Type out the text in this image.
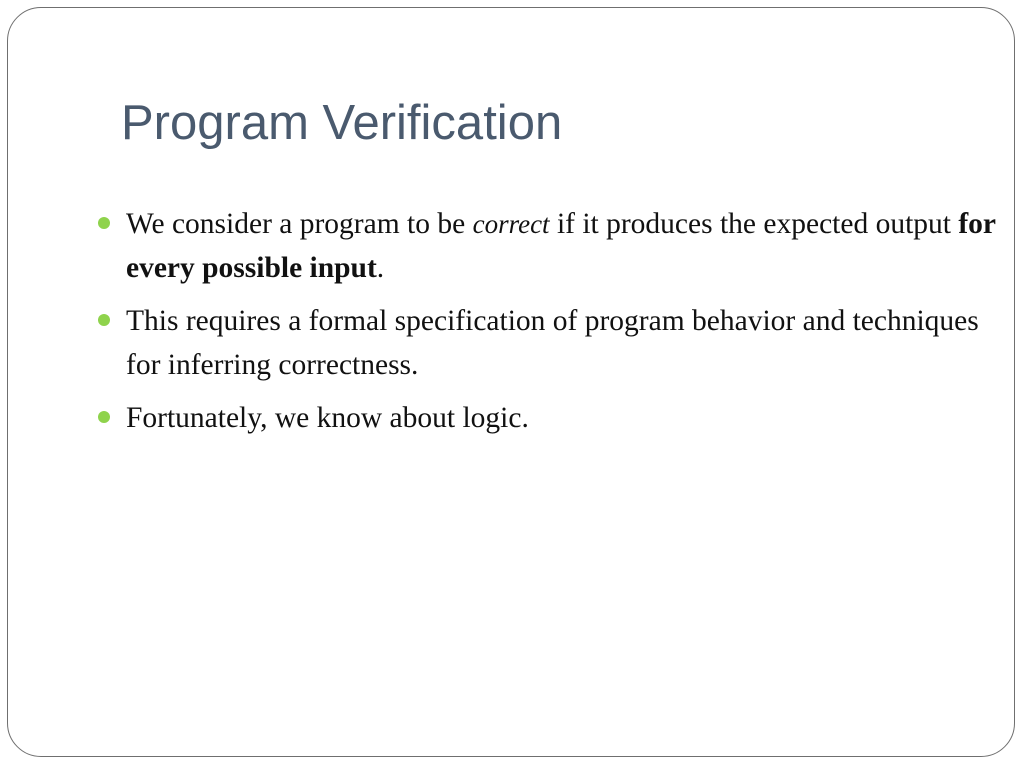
Program Verification
We consider a program to be correct if it produces the expected output for every possible input.
This requires a formal specification of program behavior and techniques for inferring correctness.
Fortunately, we know about logic.
